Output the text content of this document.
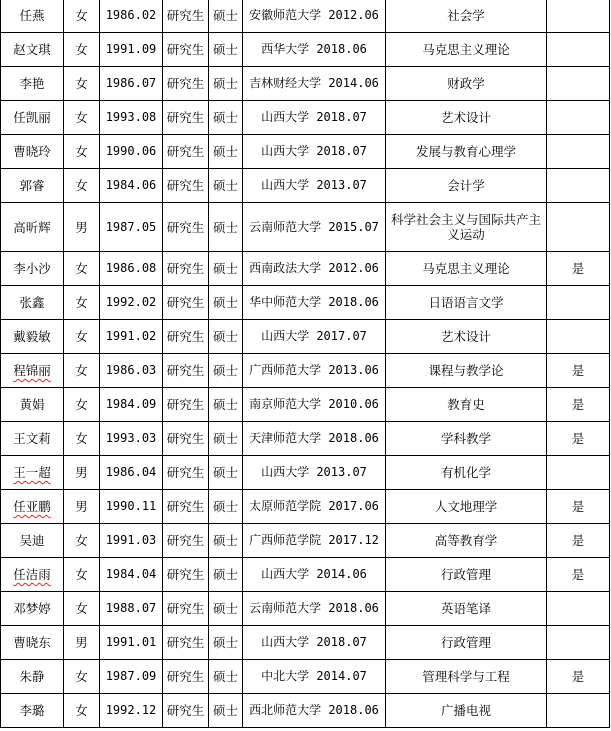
任燕	女	1986.02	研究生	硕士	安徽师范大学 2012.06	社会学	
赵文琪	女	1991.09	研究生	硕士	西华大学 2018.06	马克思主义理论	
李艳	女	1986.07	研究生	硕士	吉林财经大学 2014.06	财政学	
任凯丽	女	1993.08	研究生	硕士	山西大学 2018.07	艺术设计	
曹晓玲	女	1990.06	研究生	硕士	山西大学 2018.07	发展与教育心理学	
郭睿	女	1984.06	研究生	硕士	山西大学 2013.07	会计学	
高昕辉	男	1987.05	研究生	硕士	云南师范大学 2015.07	科学社会主义与国际共产主义运动	
李小沙	女	1986.08	研究生	硕士	西南政法大学 2012.06	马克思主义理论	是
张鑫	女	1992.02	研究生	硕士	华中师范大学 2018.06	日语语言文学	
戴毅敏	女	1991.02	研究生	硕士	山西大学 2017.07	艺术设计	
程锦丽	女	1986.03	研究生	硕士	广西师范大学 2013.06	课程与教学论	是
黄娟	女	1984.09	研究生	硕士	南京师范大学 2010.06	教育史	是
王文莉	女	1993.03	研究生	硕士	天津师范大学 2018.06	学科教学	是
王一超	男	1986.04	研究生	硕士	山西大学 2013.07	有机化学	
任亚鹏	男	1990.11	研究生	硕士	太原师范学院 2017.06	人文地理学	是
吴迪	女	1991.03	研究生	硕士	广西师范学院 2017.12	高等教育学	是
任洁雨	女	1984.04	研究生	硕士	山西大学 2014.06	行政管理	是
邓梦婷	女	1988.07	研究生	硕士	云南师范大学 2018.06	英语笔译	
曹晓东	男	1991.01	研究生	硕士	山西大学 2018.07	行政管理	
朱静	女	1987.09	研究生	硕士	中北大学 2014.07	管理科学与工程	是
李璐	女	1992.12	研究生	硕士	西北师范大学 2018.06	广播电视	
